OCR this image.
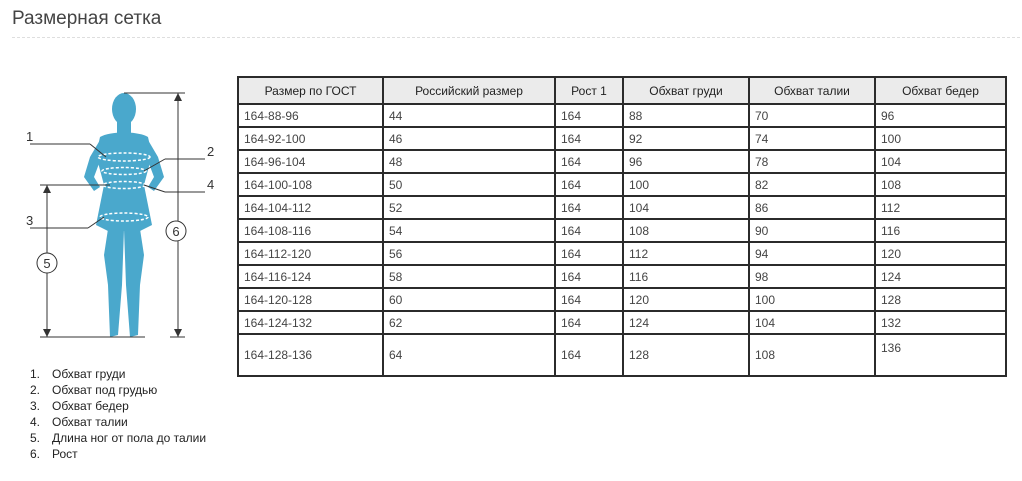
Размерная сетка
1
2
3
4
5
6
1. Обхват груди
2. Обхват под грудью
3. Обхват бедер
4. Обхват талии
5. Длина ног от пола до талии
6. Рост
Размер по ГОСТ	Российский размер	Рост 1	Обхват груди	Обхват талии	Обхват бедер
164-88-96	44	164	88	70	96
164-92-100	46	164	92	74	100
164-96-104	48	164	96	78	104
164-100-108	50	164	100	82	108
164-104-112	52	164	104	86	112
164-108-116	54	164	108	90	116
164-112-120	56	164	112	94	120
164-116-124	58	164	116	98	124
164-120-128	60	164	120	100	128
164-124-132	62	164	124	104	132
164-128-136	64	164	128	108	136
